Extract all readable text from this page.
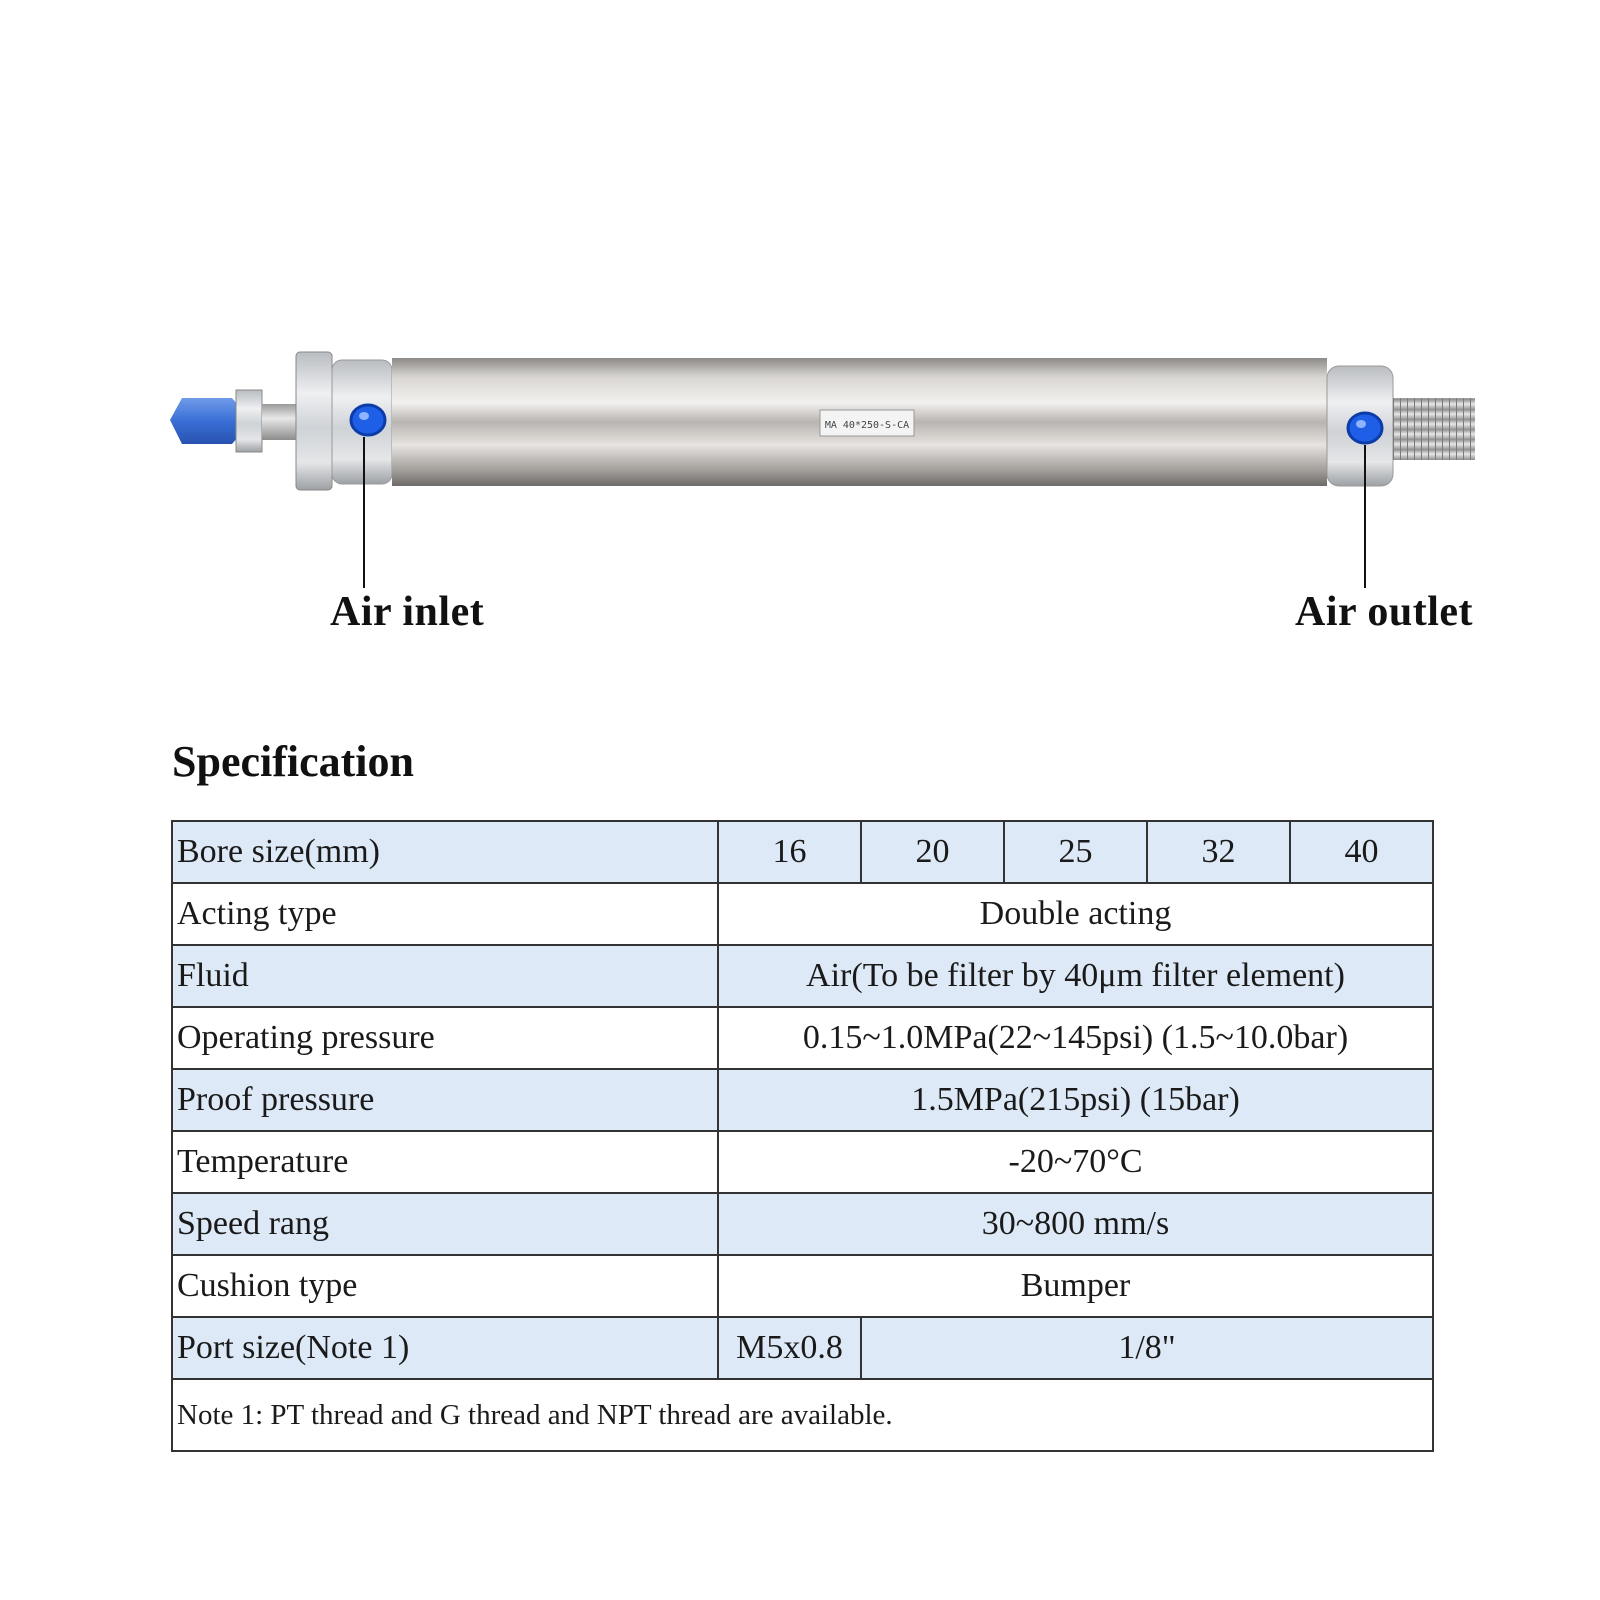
MA 40*250-S-CA
Air inlet	Air outlet
Specification
Bore size(mm)	16	20	25	32	40
Acting type	Double acting				
Fluid	Air(To be filter by 40μm filter element)				
Operating pressure	0.15~1.0MPa(22~145psi) (1.5~10.0bar)				
Proof pressure	1.5MPa(215psi) (15bar)				
Temperature	-20~70°C				
Speed rang	30~800 mm/s				
Cushion type	Bumper				
Port size(Note 1)	M5x0.8	1/8"			
Note 1: PT thread and G thread and NPT thread are available.					
